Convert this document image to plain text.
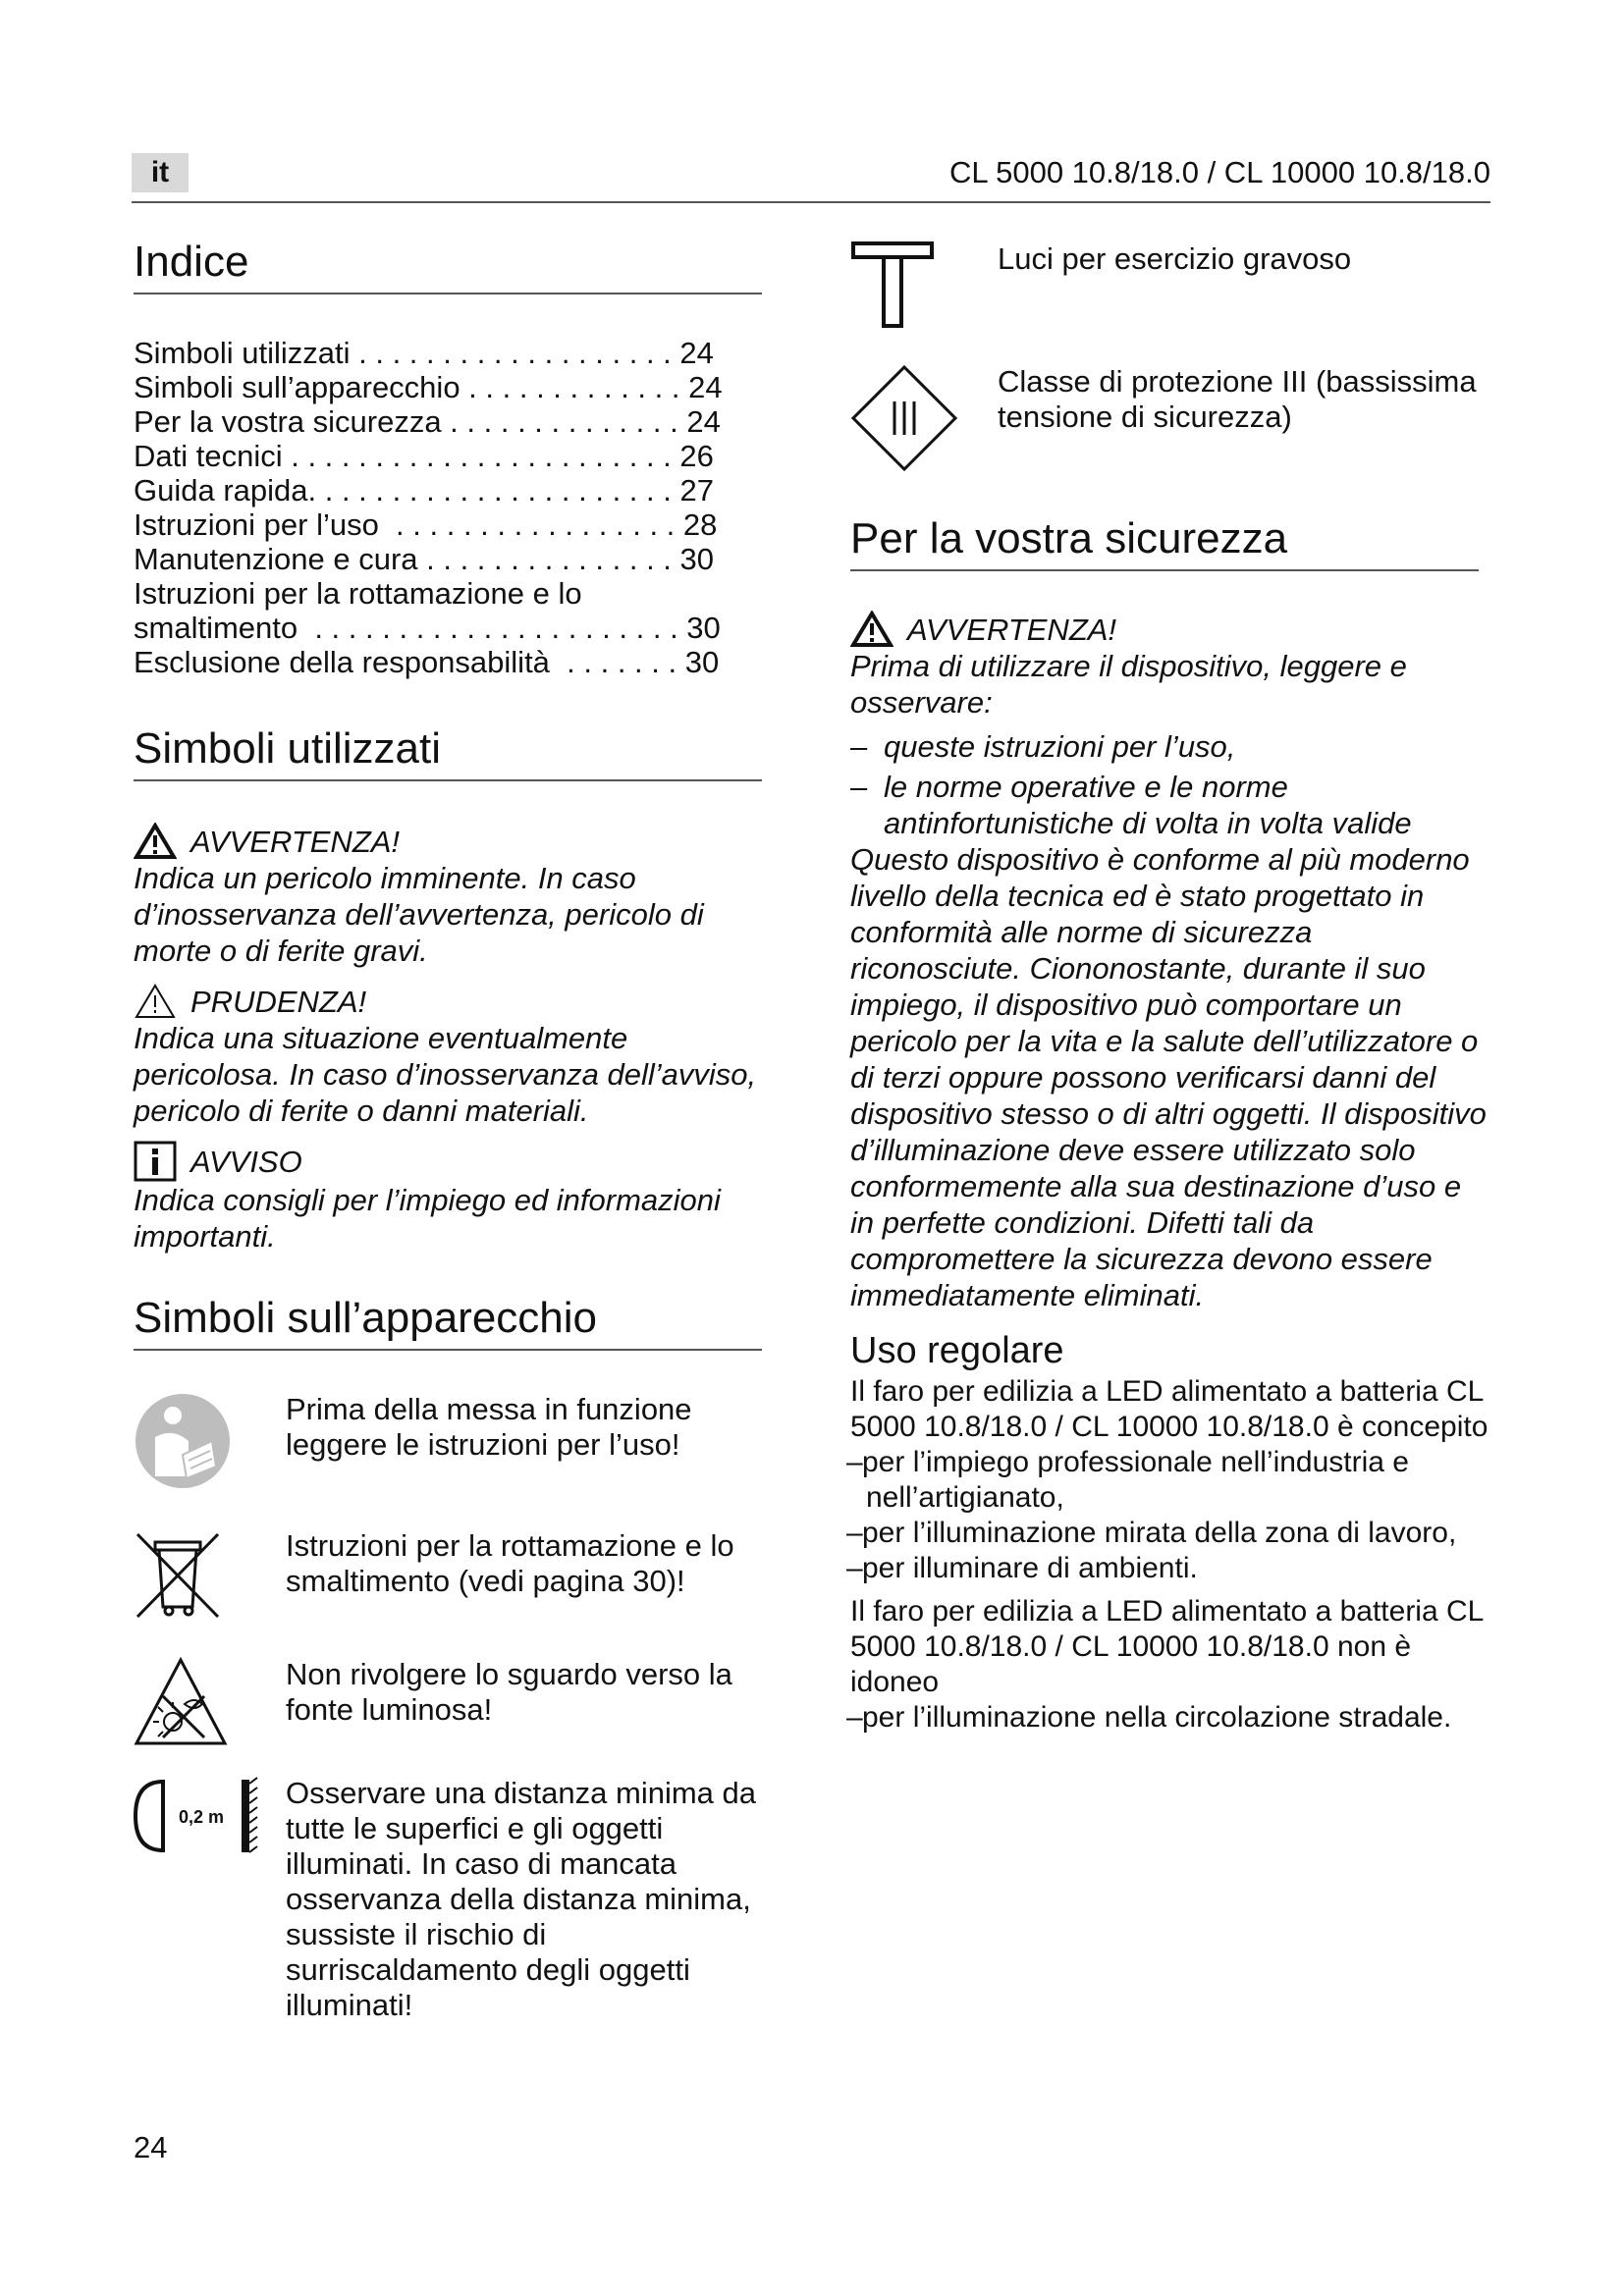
it	CL 5000 10.8/18.0 / CL 10000 10.8/18.0
Indice
Simboli utilizzati . . . . . . . . . . . . . . . . . . . 24
Simboli sull’apparecchio . . . . . . . . . . . . . 24
Per la vostra sicurezza . . . . . . . . . . . . . . 24
Dati tecnici . . . . . . . . . . . . . . . . . . . . . . . 26
Guida rapida. . . . . . . . . . . . . . . . . . . . . . 27
Istruzioni per l’uso  . . . . . . . . . . . . . . . . . 28
Manutenzione e cura . . . . . . . . . . . . . . . 30
Istruzioni per la rottamazione e lo
smaltimento  . . . . . . . . . . . . . . . . . . . . . . 30
Esclusione della responsabilità  . . . . . . . 30
Simboli utilizzati
AVVERTENZA!
Indica un pericolo imminente. In caso d’inosservanza dell’avvertenza, pericolo di morte o di ferite gravi.
PRUDENZA!
Indica una situazione eventualmente pericolosa. In caso d’inosservanza dell’avviso, pericolo di ferite o danni materiali.
AVVISO
Indica consigli per l’impiego ed informazioni importanti.
Simboli sull’apparecchio
Prima della messa in funzione leggere le istruzioni per l’uso!
Istruzioni per la rottamazione e lo smaltimento (vedi pagina 30)!
Non rivolgere lo sguardo verso la fonte luminosa!
0,2 m
Osservare una distanza minima da tutte le superfici e gli oggetti illuminati. In caso di mancata osservanza della distanza minima, sussiste il rischio di surriscaldamento degli oggetti illuminati!
Luci per esercizio gravoso
Classe di protezione III (bassissima tensione di sicurezza)
Per la vostra sicurezza
AVVERTENZA!
Prima di utilizzare il dispositivo, leggere e osservare:
– queste istruzioni per l’uso,
– le norme operative e le norme antinfortunistiche di volta in volta valide
Questo dispositivo è conforme al più moderno livello della tecnica ed è stato progettato in conformità alle norme di sicurezza riconosciute. Ciononostante, durante il suo impiego, il dispositivo può comportare un pericolo per la vita e la salute dell’utilizzatore o di terzi oppure possono verificarsi danni del dispositivo stesso o di altri oggetti. Il dispositivo d’illuminazione deve essere utilizzato solo conformemente alla sua destinazione d’uso e in perfette condizioni. Difetti tali da compromettere la sicurezza devono essere immediatamente eliminati.
Uso regolare
Il faro per edilizia a LED alimentato a batteria CL 5000 10.8/18.0 / CL 10000 10.8/18.0 è concepito
– per l’impiego professionale nell’industria e nell’artigianato,
– per l’illuminazione mirata della zona di lavoro,
– per illuminare di ambienti.
Il faro per edilizia a LED alimentato a batteria CL 5000 10.8/18.0 / CL 10000 10.8/18.0 non è idoneo
– per l’illuminazione nella circolazione stradale.
24
